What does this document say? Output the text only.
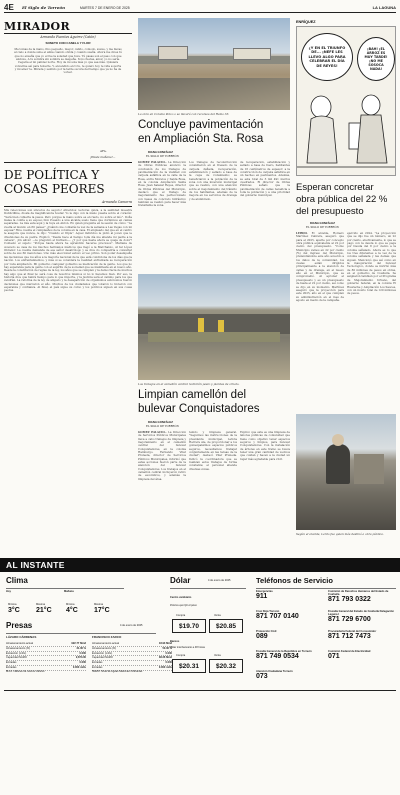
4E El Siglo de Torreón	MARTES 7 DE ENERO DE 2025	LA LAGUNA
MIRADOR
Armando Fuentes Aguirre (Catón)
SONETO CON CANELA Y FLOR
Me tomas de la mano, fino pequeño, mayor, cálido, cómodo, suave, y me llevas al cielo a donde sube el alma cuando olvida y cuando sueña. Ahora me dices tú que no enseña que yo el fue la soledad que tuve. Tú pasas son el paso con que anduve. A tu sombra sin sombra se despeña. Si no fueras, amor, yo no sería. Cegaría el mi palidez norte. Hoy de mí sola más yo que sea más. Quisiera volverme así para hoberte. Y, encendido en ti tu, te quiero hoy te vida soporta y mi amor te. Mirada y sentido por la tarde oscura del tiempo que ya no ha de volver.
AFA.
¡Hasta mañana!...
DE POLÍTICA Y
COSAS PEORES
Armando Camorra
Mis relecciones son sinceros de seguro! Atrevidos: lectoras quizá, a la santidad muestra Dublicilline, diosla da magnificencia hostar. Yo le digo con la mano puesta sobre el corazón: "Será bien cubierta la pasos. Pero porque la mano sobre es en rasto, no sobre el mío". Doña Galea la confía a su esposo Don Poseído a una alcalde suelo tiene que dormimos en camas separadas. La mía esta aquí y la tuya en Akron. En quién pregunta en la sesión de cómo: "La vuelta al mundo en 80 países" ¿Cuándo me contarás la vez de la semana a Las Vegas con mi esposa? Hice cuenta el cumpleaños de la colonia en la casa. El empleado del que en el centro le asegura que nunca, le dijo: "Cuando el triple". Aquel individuo le pidió al joven que le diversiones de su padre. Explicó: "Desde hace el tiempo toda día me atiende mi padre a la cabeza". ¡Un alivio! —le preguntó el Invitado—. ¿Y por qué hasta ahora se queja de dolor? Contestó el sujeto: "Porque hasta ahora he aprendido hacerse preciosos". Mariana de Acevedo se casa de los muchos hermanos médicos que llegó a la Marchanzo. Al tal López Obrador. La cuenta demanda de ese señor desatrólogo y se dice do compadría a consultar sobre de sus 60 menciones. Uno más eleccionar estuvo el veo primo. Son poder desempeña las decisiones que los años a la mayoría nacional de la que está condiciona de los días que la nación. Los enfrentamientos, y más si se considera la realidad enfrentada se recuperación por toda ampliación. Mi gobierno cualquier gobierno se medicación de la gente. Los que no hay esperanza para la gente con el espíritu de la sociedad que se manifiesta en el nuevo año. Desde la constitución de reglas de la ley, los años que se cumplen y la democracia de muchos hay algo que al final no será cosa de nosotros mismos si no lo hacemos bien. Por eso, la historia dice que habrá tiempo para lo que importa, y la justicia será el camino para los que vendrán. La reforma de la ley de amparo y la desaparición de organismos autónomos fueron decisiones que marcaron el año. Muchos de los ciudadanos que votaron lo hicieron con esperanza y confianza. Al final, el país sigue su curso y los políticos siguen en sus cosas peores.
La obra en Colonia Polvo o se llevará con recursos del Ramo 33.
Concluye pavimentación
en Ampliación Sta. Rosa
DIANA GONZÁLEZ
EL SIGLO DE TORREÓN
GÓMEZ PALACIO.- La Dirección de Obras Públicas anunció la conclusión de los trabajos de pavimentación de la vialidad con carpeta asfáltica en la calle de la Rosa, entre Morelos y Santa Rosa, en la colonia Ampliación Santa Rosa. Juan Salazar Reyes, director de Obras Públicas del Municipio, destacó que el trabajo de mejoramiento fue perfeccionado con bases de concreto hidráulico también se realizó para hacer más transitable la zona.
Los trabajos de reconstrucción consistieron en el fresado de la carpeta dañada, recuperación, estabilización y sellado a base de la capa de rodamiento; se beneficiaron a la población de la zona con una inversión municipal que se realizó, con una atención sobre el mejoramiento del tránsito de los habitantes, además de la mejora en los servicios de drenaje y de alumbrado.
de recuperación, estabilización y sellado a base de fuero, habitantes de 16 centímetros de espesor; a la construcción de carpeta asfáltica en un bacheo en pavimentos. Además, se esta total de 3 mil 491 metros cuadrados. El director de Obras Públicas señaló que la pavimentación de calles beneficia a toda la población y a una prioridad del gobierno municipal.
ENRÍQUEZ
¿Y EN EL TRIUNFO DE... ¡NEFE LES LLEVO ALGO PARA CELEBRAR EL DÍA DE REYES!
¡BAH! ¡EL ARROZ ES MUY TARDE! ¡NO ME SOSOCA NADA!
Esperan concretar
obra pública del 22 %
del presupuesto
DIANA GONZÁLEZ
EL SIGLO DE TORREÓN
LERDO. El alcalde, Homero Martínez Cabrera, aseguró que para el 2025, aparte por concepto obra pública equivalente al 22 por ciento del presupuesto. "Como Municipio vamos en 22 por ciento (%) del ingreso del Municipio, pretendiéndole este año acuerdo a los datos de la comunidad, los cuales están dirigidos principalmente a la atención de calles y de drenaje, en el nuevo año en el Municipio, que se comprometió. Al aprobar el presupuesto y es un presupuesto de hasta el 22 por ciento, así como se dijo en su momento. Martínez aseguró que la proyección para este 2025, año en el que cumplen su administración en el mes de agosto en medio de la campaña.
ejercido en 2024. "La proyección que se dijo fue un número, un 22 por ciento, efectivamente, lo que se pagó con la deuda lo que se paga por Deuda del 8 por ciento a la colonia señalado. Ahora es lo que los tres diferentes a la vez de la colonia señalada y las demás que siguen. Mencionó que así como en la inauguración del bulevar Tecnológico, donde se invirtió más de 80 millones de pesos en obras, en el gobierno de Coahuila. Se asignaron también por el Programa de Mejoramiento Urbano, del gobierno federal, en la colonia El Huarache y Ampliación Los Sauces, con un monto total de 120 millones de pesos.
Los trabajos en el camellón central recibirán pasto y plantas de ornato.
Limpian camellón del
bulevar Conquistadores
DIANA GONZÁLEZ
EL SIGLO DE TORREÓN
GÓMEZ PALACIO.- La Dirección de Servicios Públicos Municipales lleva a cabo trabajos de limpieza y mejoramiento en el camellón central del bulevar Conquistadores, en la colonia Hamburgo. Fernando Vilar Pruneda, director de Servicios Públicos Municipales, informó que estas acciones fueron parte de la atención del bulevar Conquistadores. Los trabajos en el camellón central incluyeron retiro de escombros, y además la limpieza del área.
tenido y limpieza general. "Seguimos las instrucciones de la presidenta municipal, Leticia Herrera Ale, de proporcionar a los gomezpalatinos espacios públicos seguros, necesitamos trabajar conjuntamente en las tareas de la ciudad", destacó Vilar Pruneda. Indicó la coordinadora que se realizan estos trabajos de forma constante; el personal atiende diversas zonas.
Explicó que ésta es una limpieza de labores públicas de comunidad que tiene como objetivo tener espacios seguros y limpios, para bulevar Conquistadores. Con la instalación de árboles en este tramo se busca tener una gran cantidad de vecinos que cuidan y hacen a la ciudad un lugar más agradable para vivir.
Según el alcalde, Lerdo fue quien más destinó a obra pública.
AL INSTANTE
Clima
Hoy	Mañana
Mínima	Máxima	Mínima	Máxima
3°C 21°C 4°C 17°C
Presas	4 de enero de 2025
LÁZARO CÁRDENAS	FRANCISCO ZARCO
Almacenamiento actual	922.77 Mm3
Almacenamiento (%)	31.00 %
Extracción (m3/s)	0.000
Capacidad NAMO	2,873.00
Entradas	0.000
Entradas	0.000 m3/s
Almacenamiento actual	18.93 Mm3
Almacenamiento (%)	50.00 %
Extracción (m3/s)	0.000
Capacidad NAMO	38.26 Mm3
Entradas	0.000
Entradas	0.000 m3/s
Mm3: millones de metros cúbicos	NAMO: Nivel de Aguas Máximas Ordinarias
Dólar	4 de enero de 2025
Centro cambiario
Precios que fijó el peso
Compra	Venta
$19.70	$20.85
Bancos
Dólar interbancario a 48 horas
Compra	Venta
$20.31	$20.32
Teléfonos de Servicio
Emergencias
911
Comisión de Derechos Humanos del Estado de Coahuila
871 793 0322
Cruz Roja Torreón
871 707 0140
Fiscalía General del Estado de Coahuila Delegación Laguna I
871 729 6700
Protección Civil
089
Procuraduría Federal del Consumidor
871 712 7473
Fiscalía General de la República en Torreón
871 749 0534
Comisión Federal de Electricidad
071
Atención Ciudadana Torreón
073
